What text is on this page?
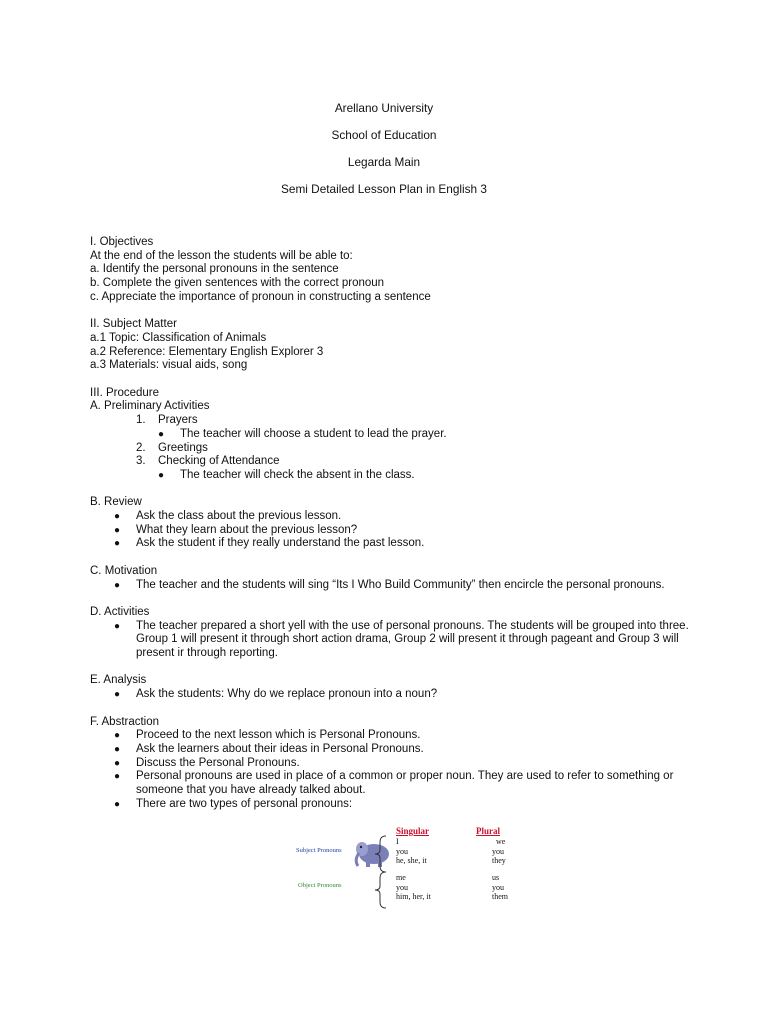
Arellano University
School of Education
Legarda Main
Semi Detailed Lesson Plan in English 3
I. Objectives
At the end of the lesson the students will be able to:
a. Identify the personal pronouns in the sentence
b. Complete the given sentences with the correct pronoun
c. Appreciate the importance of pronoun in constructing a sentence
II. Subject Matter
a.1 Topic: Classification of Animals
a.2 Reference: Elementary English Explorer 3
a.3 Materials: visual aids, song
III. Procedure
A. Preliminary Activities
1. Prayers
● The teacher will choose a student to lead the prayer.
2. Greetings
3. Checking of Attendance
● The teacher will check the absent in the class.
B. Review
● Ask the class about the previous lesson.
● What they learn about the previous lesson?
● Ask the student if they really understand the past lesson.
C. Motivation
● The teacher and the students will sing “Its I Who Build Community” then encircle the personal pronouns.
D. Activities
● The teacher prepared a short yell with the use of personal pronouns. The students will be grouped into three. Group 1 will present it through short action drama, Group 2 will present it through pageant and Group 3 will present ir through reporting.
E. Analysis
● Ask the students: Why do we replace pronoun into a noun?
F. Abstraction
● Proceed to the next lesson which is Personal Pronouns.
● Ask the learners about their ideas in Personal Pronouns.
● Discuss the Personal Pronouns.
● Personal pronouns are used in place of a common or proper noun. They are used to refer to something or someone that you have already talked about.
● There are two types of personal pronouns:
Singular	Plural
Subject Pronouns
I
you
he, she, it
we
you
they
Object Pronouns
me
you
him, her, it
us
you
them
